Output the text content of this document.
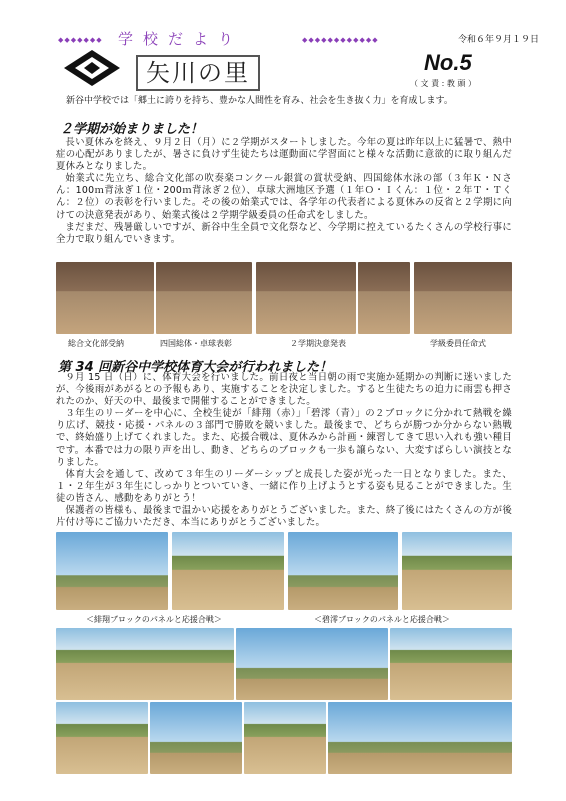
◆◆◆◆◆◆◆ 学校だより	◆◆◆◆◆◆◆◆◆◆◆◆	令和６年９月１９日
矢川の里	No.5
（ 文 責 : 教 頭 ）
新谷中学校では「郷土に誇りを持ち、豊かな人間性を育み、社会を生き抜く力」を育成します。
２学期が始まりました！

長い夏休みを終え、９月２日（月）に２学期がスタートしました。今年の夏は昨年以上に猛暑で、熱中症の心配がありましたが、暑さに負けず生徒たちは運動面に学習面にと様々な活動に意欲的に取り組んだ夏休みとなりました。

始業式に先立ち、総合文化部の吹奏楽コンクール銀賞の賞状受納、四国総体水泳の部（３年Ｋ・Ｎさん：100ｍ背泳ぎ１位・200ｍ背泳ぎ２位）、卓球大洲地区予選（１年Ｏ・Ｉくん：１位・２年Ｔ・Ｔくん：２位）の表彰を行いました。その後の始業式では、各学年の代表者による夏休みの反省と２学期に向けての決意発表があり、始業式後は２学期学級委員の任命式をしました。

まだまだ、残暑厳しいですが、新谷中生全員で文化祭など、今学期に控えているたくさんの学校行事に全力で取り組んでいきます。

総合文化部受納	四国総体・卓球表彰	２学期決意発表	学級委員任命式
第 34 回新谷中学校体育大会が行われました！

９月 15 日（日）に、体育大会を行いました。前日夜と当日朝の雨で実施か延期かの判断に迷いましたが、今後雨があがるとの予報もあり、実施することを決定しました。すると生徒たちの迫力に雨雲も押されたのか、好天の中、最後まで開催することができました。

３年生のリーダーを中心に、全校生徒が「緋翔（赤）」「碧澪（青）」の２ブロックに分かれて熱戦を繰り広げ、競技・応援・パネルの３部門で勝敗を競いました。最後まで、どちらが勝つか分からない熱戦で、終始盛り上げてくれました。また、応援合戦は、夏休みから計画・練習してきて思い入れも強い種目です。本番では力の限り声を出し、動き、どちらのブロックも一歩も譲らない、大変すばらしい演技となりました。

体育大会を通して、改めて３年生のリーダーシップと成長した姿が光った一日となりました。また、１・２年生が３年生にしっかりとついていき、一緒に作り上げようとする姿も見ることができました。生徒の皆さん、感動をありがとう！

保護者の皆様も、最後まで温かい応援をありがとうございました。また、終了後にはたくさんの方が後片付け等にご協力いただき、本当にありがとうございました。

＜緋翔ブロックのパネルと応援合戦＞	＜碧澪ブロックのパネルと応援合戦＞
